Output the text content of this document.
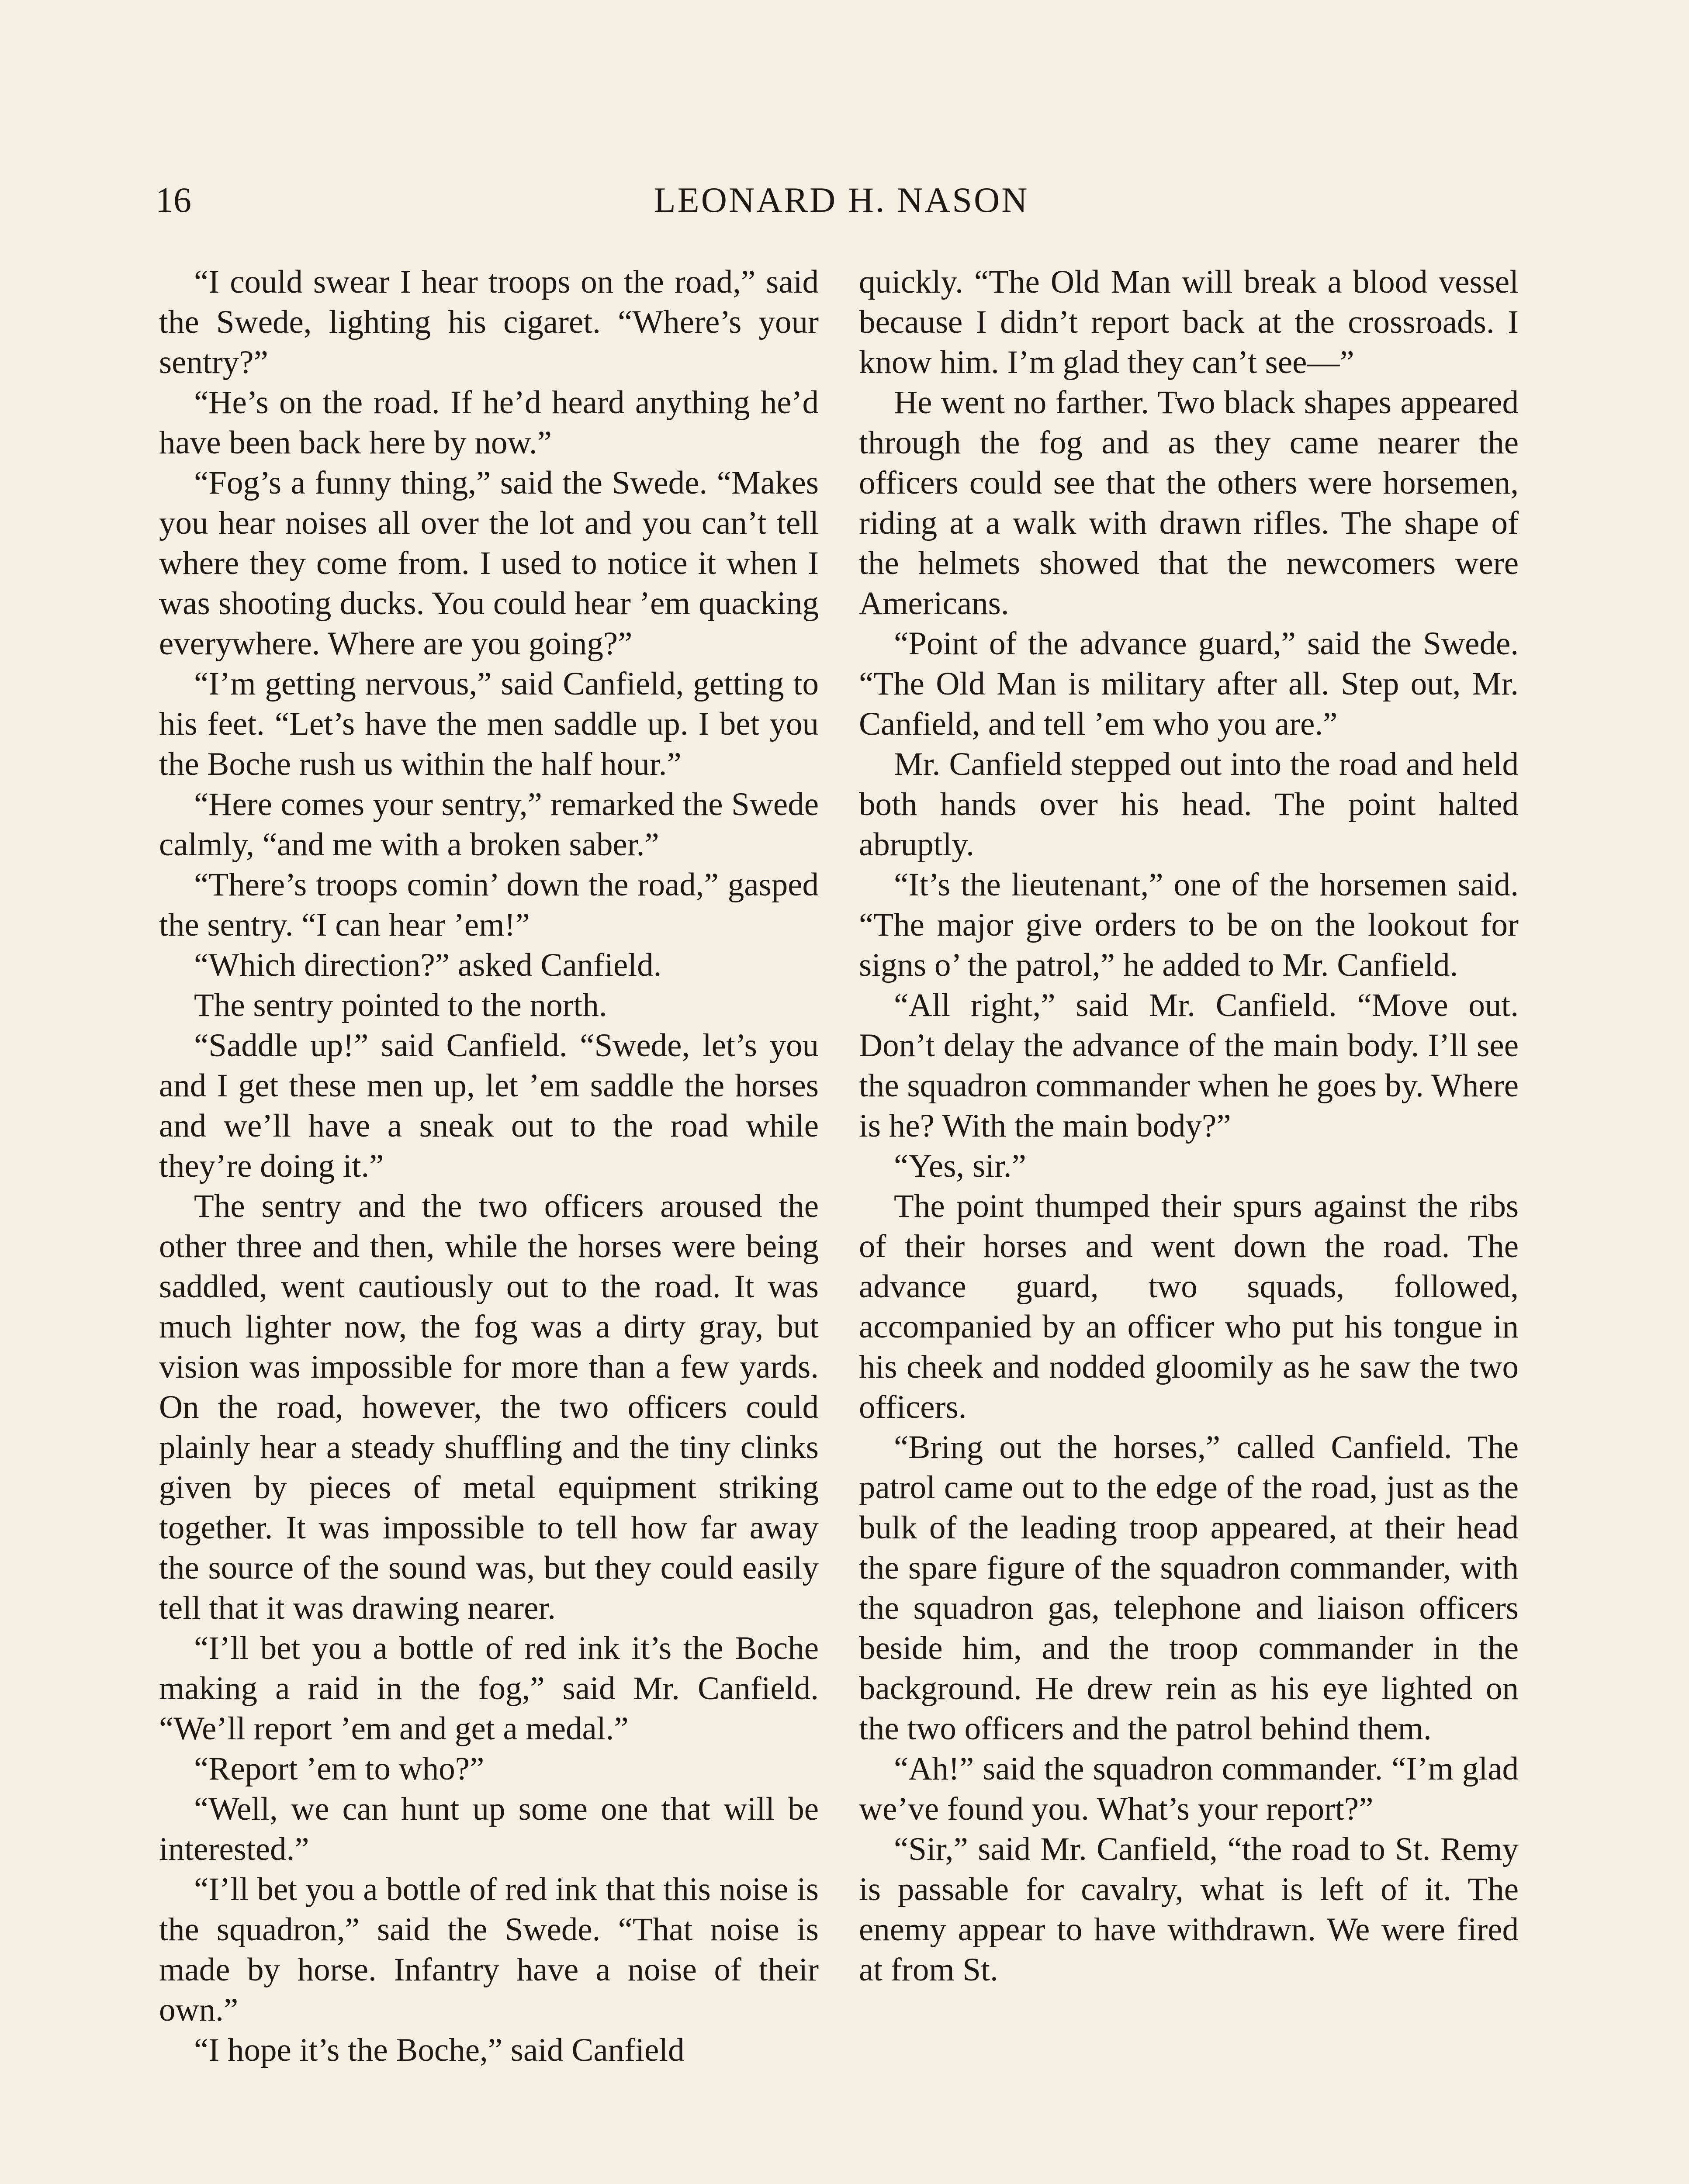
16	LEONARD H. NASON

“I could swear I hear troops on the road,” said the Swede, lighting his cigaret. “Where’s your sentry?”

“He’s on the road. If he’d heard anything he’d have been back here by now.”

“Fog’s a funny thing,” said the Swede. “Makes you hear noises all over the lot and you can’t tell where they come from. I used to notice it when I was shooting ducks. You could hear ’em quacking everywhere. Where are you going?”

“I’m getting nervous,” said Canfield, getting to his feet. “Let’s have the men saddle up. I bet you the Boche rush us within the half hour.”

“Here comes your sentry,” remarked the Swede calmly, “and me with a broken saber.”

“There’s troops comin’ down the road,” gasped the sentry. “I can hear ’em!”

“Which direction?” asked Canfield.

The sentry pointed to the north.

“Saddle up!” said Canfield. “Swede, let’s you and I get these men up, let ’em saddle the horses and we’ll have a sneak out to the road while they’re doing it.”

The sentry and the two officers aroused the other three and then, while the horses were being saddled, went cautiously out to the road. It was much lighter now, the fog was a dirty gray, but vision was impossible for more than a few yards. On the road, however, the two officers could plainly hear a steady shuffling and the tiny clinks given by pieces of metal equipment striking together. It was impossible to tell how far away the source of the sound was, but they could easily tell that it was drawing nearer.

“I’ll bet you a bottle of red ink it’s the Boche making a raid in the fog,” said Mr. Canfield. “We’ll report ’em and get a medal.”

“Report ’em to who?”

“Well, we can hunt up some one that will be interested.”

“I’ll bet you a bottle of red ink that this noise is the squadron,” said the Swede. “That noise is made by horse. Infantry have a noise of their own.”

“I hope it’s the Boche,” said Canfield

quickly. “The Old Man will break a blood vessel because I didn’t report back at the crossroads. I know him. I’m glad they can’t see—”

He went no farther. Two black shapes appeared through the fog and as they came nearer the officers could see that the others were horsemen, riding at a walk with drawn rifles. The shape of the helmets showed that the newcomers were Americans.

“Point of the advance guard,” said the Swede. “The Old Man is military after all. Step out, Mr. Canfield, and tell ’em who you are.”

Mr. Canfield stepped out into the road and held both hands over his head. The point halted abruptly.

“It’s the lieutenant,” one of the horsemen said. “The major give orders to be on the lookout for signs o’ the patrol,” he added to Mr. Canfield.

“All right,” said Mr. Canfield. “Move out. Don’t delay the advance of the main body. I’ll see the squadron commander when he goes by. Where is he? With the main body?”

“Yes, sir.”

The point thumped their spurs against the ribs of their horses and went down the road. The advance guard, two squads, followed, accompanied by an officer who put his tongue in his cheek and nodded gloomily as he saw the two officers.

“Bring out the horses,” called Canfield. The patrol came out to the edge of the road, just as the bulk of the leading troop appeared, at their head the spare figure of the squadron commander, with the squadron gas, telephone and liaison officers beside him, and the troop commander in the background. He drew rein as his eye lighted on the two officers and the patrol behind them.

“Ah!” said the squadron commander. “I’m glad we’ve found you. What’s your report?”

“Sir,” said Mr. Canfield, “the road to St. Remy is passable for cavalry, what is left of it. The enemy appear to have withdrawn. We were fired at from St.
